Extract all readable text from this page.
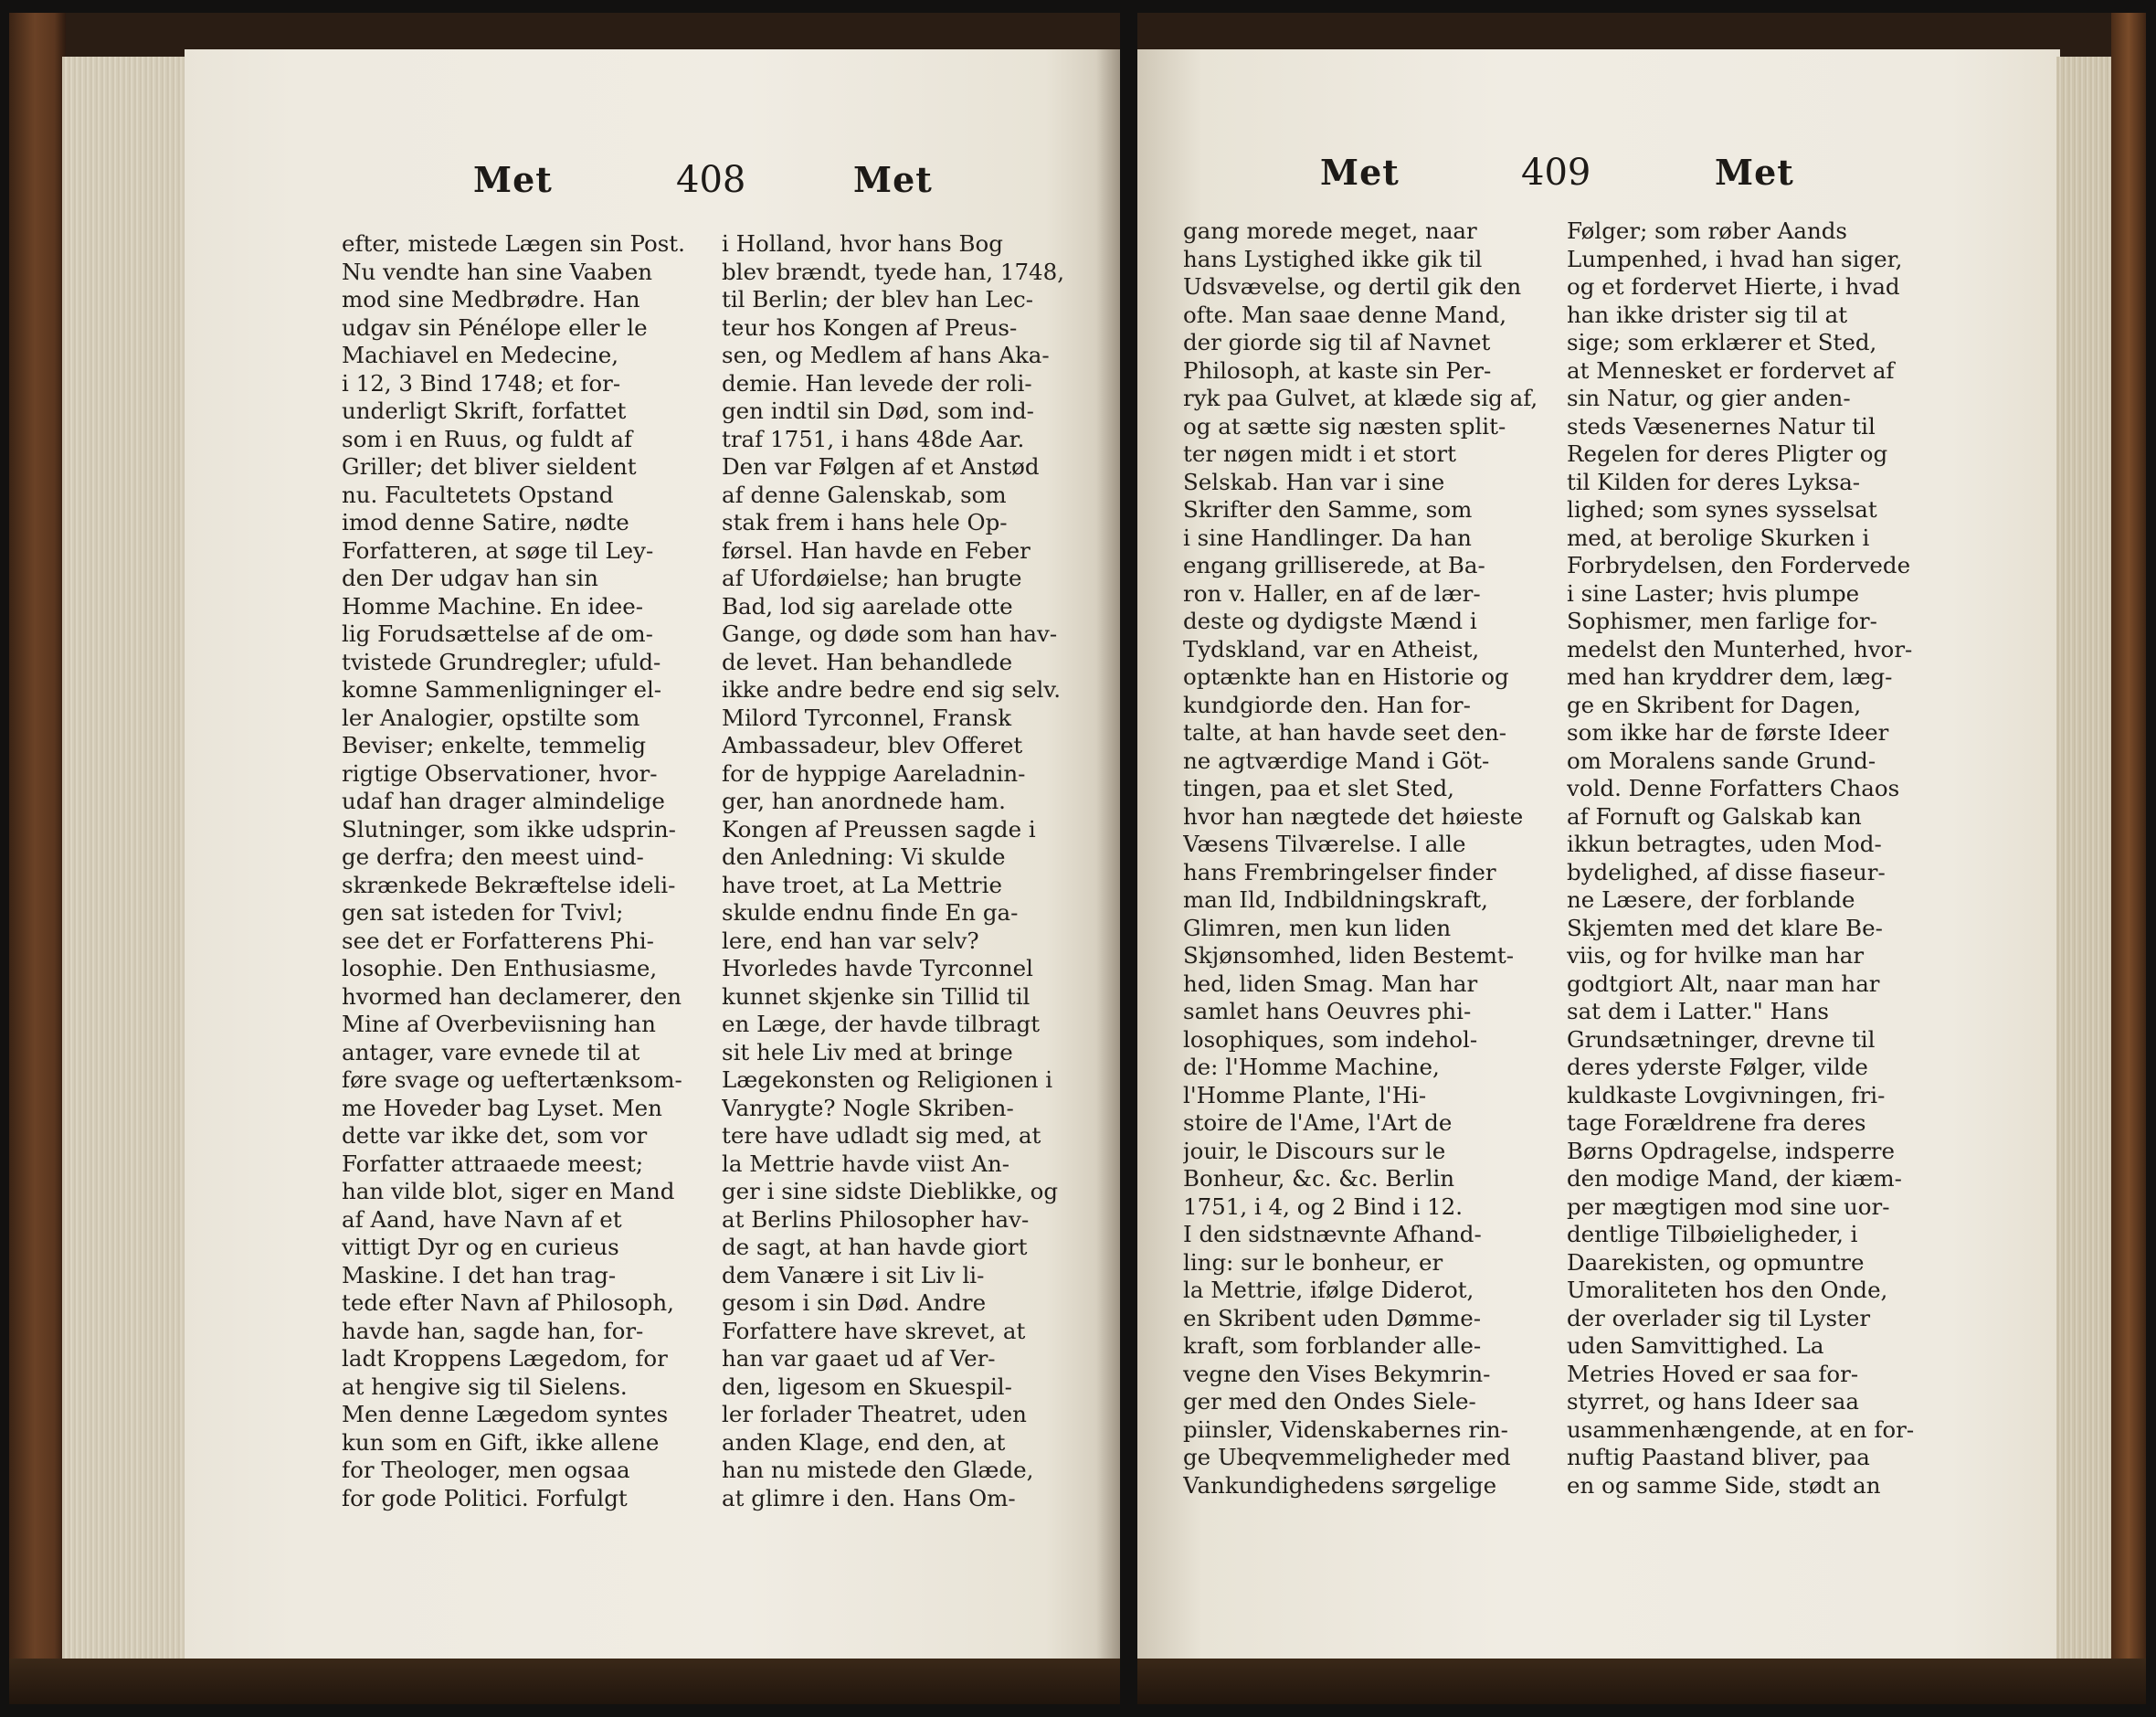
Met	408	Met
efter, mistede Lægen sin Post.
Nu vendte han sine Vaaben
mod sine Medbrødre. Han
udgav sin Pénélope eller le
Machiavel en Medecine,
i 12, 3 Bind 1748; et for-
underligt Skrift, forfattet
som i en Ruus, og fuldt af
Griller; det bliver sieldent
nu. Facultetets Opstand
imod denne Satire, nødte
Forfatteren, at søge til Ley-
den Der udgav han sin
Homme Machine. En ideе-
lig Forudsættelse af de om-
tvistede Grundregler; ufuld-
komne Sammenligninger el-
ler Analogier, opstilte som
Beviser; enkelte, temmelig
rigtige Observationer, hvor-
udaf han drager almindelige
Slutninger, som ikke udsprin-
ge derfra; den meest uind-
skrænkede Bekræftelse ideli-
gen sat isteden for Tvivl;
see det er Forfatterens Phi-
losophie. Den Enthusiasme,
hvormed han declamerer, den
Mine af Overbeviisning han
antager, vare evnede til at
føre svage og ueftertænksom-
me Hoveder bag Lyset. Men
dette var ikke det, som vor
Forfatter attraaede meest;
han vilde blot, siger en Mand
af Aand, have Navn af et
vittigt Dyr og en curieus
Maskine. I det han trag-
tede efter Navn af Philosoph,
havde han, sagde han, for-
ladt Kroppens Lægedom, for
at hengive sig til Sielens.
Men denne Lægedom syntes
kun som en Gift, ikke allene
for Theologer, men ogsaa
for gode Politici. Forfulgt
i Holland, hvor hans Bog
blev brændt, tyede han, 1748,
til Berlin; der blev han Lec-
teur hos Kongen af Preus-
sen, og Medlem af hans Aka-
demie. Han levede der roli-
gen indtil sin Død, som ind-
traf 1751, i hans 48de Aar.
Den var Følgen af et Anstød
af denne Galenskab, som
stak frem i hans hele Op-
førsel. Han havde en Feber
af Ufordøielse; han brugte
Bad, lod sig aarelade otte
Gange, og døde som han hav-
de levet. Han behandlede
ikke andre bedre end sig selv.
Milord Tyrconnel, Fransk
Ambassadeur, blev Offeret
for de hyppige Aareladnin-
ger, han anordnede ham.
Kongen af Preussen sagde i
den Anledning: Vi skulde
have troet, at La Mettrie
skulde endnu finde En ga-
lere, end han var selv?
Hvorledes havde Tyrconnel
kunnet skjenke sin Tillid til
en Læge, der havde tilbragt
sit hele Liv med at bringe
Lægekonsten og Religionen i
Vanrygte? Nogle Skriben-
tere have udladt sig med, at
la Mettrie havde viist An-
ger i sine sidste Dieblikke, og
at Berlins Philosopher hav-
de sagt, at han havde giort
dem Vanære i sit Liv li-
gesom i sin Død. Andre
Forfattere have skrevet, at
han var gaaet ud af Ver-
den, ligesom en Skuespil-
ler forlader Theatret, uden
anden Klage, end den, at
han nu mistede den Glæde,
at glimre i den. Hans Om-
Met	409	Met
gang morede meget, naar
hans Lystighed ikke gik til
Udsvævelse, og dertil gik den
ofte. Man saae denne Mand,
der giorde sig til af Navnet
Philosoph, at kaste sin Per-
ryk paa Gulvet, at klæde sig af,
og at sætte sig næsten split-
ter nøgen midt i et stort
Selskab. Han var i sine
Skrifter den Samme, som
i sine Handlinger. Da han
engang grilliserede, at Ba-
ron v. Haller, en af de lær-
deste og dydigste Mænd i
Tydskland, var en Atheist,
optænkte han en Historie og
kundgiorde den. Han for-
talte, at han havde seet den-
ne agtværdige Mand i Göt-
tingen, paa et slet Sted,
hvor han nægtede det høieste
Væsens Tilværelse. I alle
hans Frembringelser finder
man Ild, Indbildningskraft,
Glimren, men kun liden
Skjønsomhed, liden Bestemt-
hed, liden Smag. Man har
samlet hans Oeuvres phi-
losophiques, som indehol-
de: l'Homme Machine,
l'Homme Plante, l'Hi-
stoire de l'Ame, l'Art de
jouir, le Discours sur le
Bonheur, &c. &c. Berlin
1751, i 4, og 2 Bind i 12.
I den sidstnævnte Afhand-
ling: sur le bonheur, er
la Mettrie, ifølge Diderot,
en Skribent uden Dømme-
kraft, som forblander alle-
vegne den Vises Bekymrin-
ger med den Ondes Siele-
piinsler, Videnskabernes rin-
ge Ubeqvemmeligheder med
Vankundighedens sørgelige
Følger; som røber Aands
Lumpenhed, i hvad han siger,
og et fordervet Hierte, i hvad
han ikke drister sig til at
sige; som erklærer et Sted,
at Mennesket er fordervet af
sin Natur, og gier anden-
steds Væsenernes Natur til
Regelen for deres Pligter og
til Kilden for deres Lyksa-
lighed; som synes sysselsat
med, at berolige Skurken i
Forbrydelsen, den Fordervede
i sine Laster; hvis plumpe
Sophismer, men farlige for-
medelst den Munterhed, hvor-
med han kryddrer dem, læg-
ge en Skribent for Dagen,
som ikke har de første Ideer
om Moralens sande Grund-
vold. Denne Forfatters Chaos
af Fornuft og Galskab kan
ikkun betragtes, uden Mod-
bydelighed, af disse fiaseur-
ne Læsere, der forblande
Skjemten med det klare Be-
viis, og for hvilke man har
godtgiort Alt, naar man har
sat dem i Latter." Hans
Grundsætninger, drevne til
deres yderste Følger, vilde
kuldkaste Lovgivningen, fri-
tage Forældrene fra deres
Børns Opdragelse, indsperre
den modige Mand, der kiæm-
per mægtigen mod sine uor-
dentlige Tilbøieligheder, i
Daarekisten, og opmuntre
Umoraliteten hos den Onde,
der overlader sig til Lyster
uden Samvittighed. La
Metries Hoved er saa for-
styrret, og hans Ideer saa
usammenhængende, at en for-
nuftig Paastand bliver, paa
en og samme Side, stødt an
